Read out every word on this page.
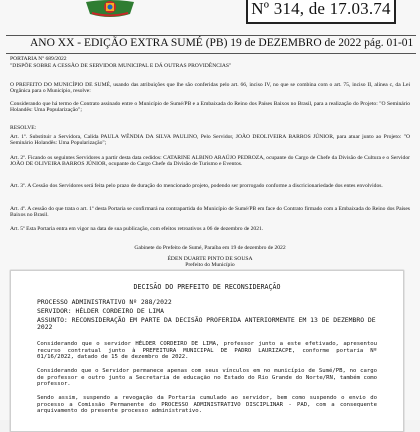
Nº 314, de 17.03.74
ANO XX - EDIÇÃO EXTRA SUMÉ (PB) 19 de DEZEMBRO de 2022 pág. 01-01
PORTARIA Nº 689/2022
"DISPÕE SOBRE A CESSÃO DE SERVIDOR MUNICIPAL E DÁ OUTRAS PROVIDÊNCIAS"
O PREFEITO DO MUNICÍPIO DE SUMÉ, usando das atribuições que lhe são conferidas pelo art. 66, inciso IV, no que se combina com o art. 75, inciso II, alínea c, da Lei Orgânica para o Município, resolve:
Considerando que há termo de Contrato assinado entre o Município de Sumé/PB e a Embaixada do Reino dos Países Baixos no Brasil, para a realização do Projeto: "O Seminário Holandês: Uma Popularização";
RESOLVE:
Art. 1º. Substituir a Servidora, Calída PAULA WÊNDIA DA SILVA PAULINO, Pelo Servidor, JOÃO DEOLIVEIRA BARROS JÚNIOR, para atuar junto ao Projeto: "O Seminário Holandês: Uma Popularização";
Art. 2º. Ficando os seguintes Servidores a partir desta data cedidos: CATARINE ALBINO ARAÚJO PEDROZA, ocupante do Cargo de Chefe da Divisão de Cultura e o Servidor JOÃO DE OLIVEIRA BARROS JÚNIOR, ocupante do Cargo Chefe da Divisão de Turismo e Eventos.
Art. 3º. A Cessão dos Servidores será feita pelo prazo de duração do mencionado projeto, podendo ser prorrogado conforme a discricionariedade dos entes envolvidos.
Art. 4º. A cessão do que trata o art. 1º desta Portaria se confirmará na contrapartida do Município de Sumé/PB em face do Contrato firmado com a Embaixada do Reino dos Países Baixos no Brasil.
Art. 5º Esta Portaria entra em vigor na data de sua publicação, com efeitos retroativos a 06 de dezembro de 2021.
Gabinete do Prefeito de Sumé, Paraíba em 19 de dezembro de 2022
ÉDEN DUARTE PINTO DE SOUSA
Prefeito do Município
DECISÃO DO PREFEITO DE RECONSIDERAÇÃO
PROCESSO ADMINISTRATIVO Nº 288/2022
SERVIDOR: HÉLDER CORDEIRO DE LIMA
ASSUNTO: RECONSIDERAÇÃO EM PARTE DA DECISÃO PROFERIDA ANTERIORMENTE EM 13 DE DEZEMBRO DE 2022
Considerando que o servidor HÉLDER CORDEIRO DE LIMA, professor junto a este efetivado, apresentou recurso contratual junto à PREFEITURA MUNICIPAL DE PADRO LAURIZACPE, conforme portaria Nº 01/16/2022, datado de 15 de dezembro de 2022.
Considerando que o Servidor permanece apenas com seus vínculos em no município de Sumé/PB, no cargo de professor e outro junto a Secretaria de educação no Estado do Rio Grande do Norte/RN, também como professor.
Sendo assim, suspendo a revogação da Portaria cumulado ao servidor, bem como suspendo o envio do processo a Comissão Permanente do PROCESSO ADMINISTRATIVO DISCIPLINAR - PAD, com a consequente arquivamento do presente processo administrativo.
